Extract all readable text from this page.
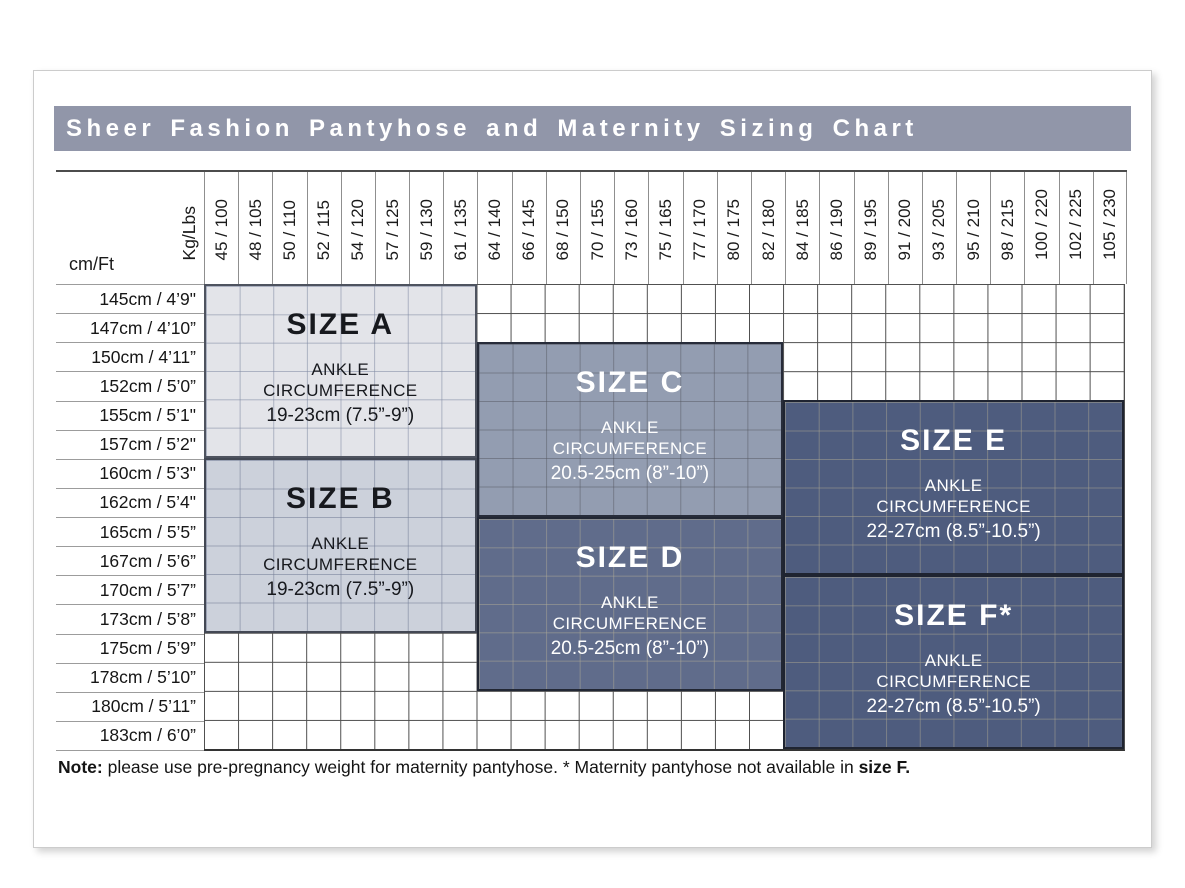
Sheer Fashion Pantyhose and Maternity Sizing Chart
cm/Ft
Kg/Lbs 45 / 100 48 / 105 50 / 110 52 / 115 54 / 120 57 / 125 59 / 130 61 / 135 64 / 140 66 / 145 68 / 150 70 / 155 73 / 160 75 / 165 77 / 170 80 / 175 82 / 180 84 / 185 86 / 190 89 / 195 91 / 200 93 / 205 95 / 210 98 / 215 100 / 220 102 / 225 105 / 230
145cm / 4’9"
147cm / 4’10”
150cm / 4’11”
152cm / 5’0”
155cm / 5’1"
157cm / 5’2"
160cm / 5’3"
162cm / 5’4"
165cm / 5’5”
167cm / 5’6”
170cm / 5’7”
173cm / 5’8”
175cm / 5’9”
178cm / 5’10”
180cm / 5’11”
183cm / 6’0”
SIZE A
ANKLE
CIRCUMFERENCE
19-23cm (7.5”-9”)
SIZE B
ANKLE
CIRCUMFERENCE
19-23cm (7.5”-9”)
SIZE C
ANKLE
CIRCUMFERENCE
20.5-25cm (8”-10”)
SIZE D
ANKLE
CIRCUMFERENCE
20.5-25cm (8”-10”)
SIZE E
ANKLE
CIRCUMFERENCE
22-27cm (8.5”-10.5”)
SIZE F*
ANKLE
CIRCUMFERENCE
22-27cm (8.5”-10.5”)

Note: please use pre-pregnancy weight for maternity pantyhose. * Maternity pantyhose not available in size F.
